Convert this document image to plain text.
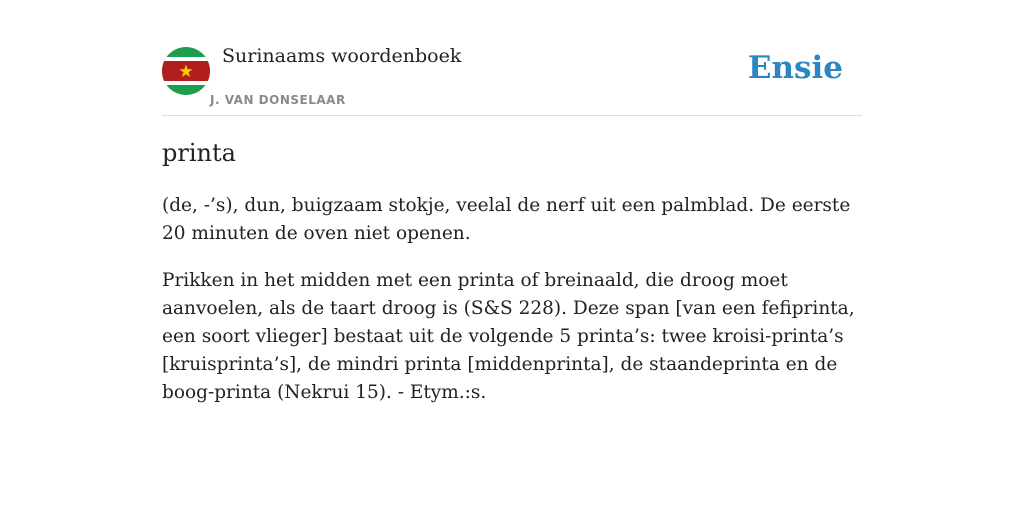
Surinaams woordenboek
J. VAN DONSELAAR
Ensie
printa

(de, -’s), dun, buigzaam stokje, veelal de nerf uit een palmblad. De eerste 20 minuten de oven niet openen.

Prikken in het midden met een printa of breinaald, die droog moet aanvoelen, als de taart droog is (S&S 228). Deze span [van een fefiprinta, een soort vlieger] bestaat uit de volgende 5 printa’s: twee kroisi-printa’s [kruisprinta’s], de mindri printa [middenprinta], de staandeprinta en de boog-printa (Nekrui 15). - Etym.:s.
